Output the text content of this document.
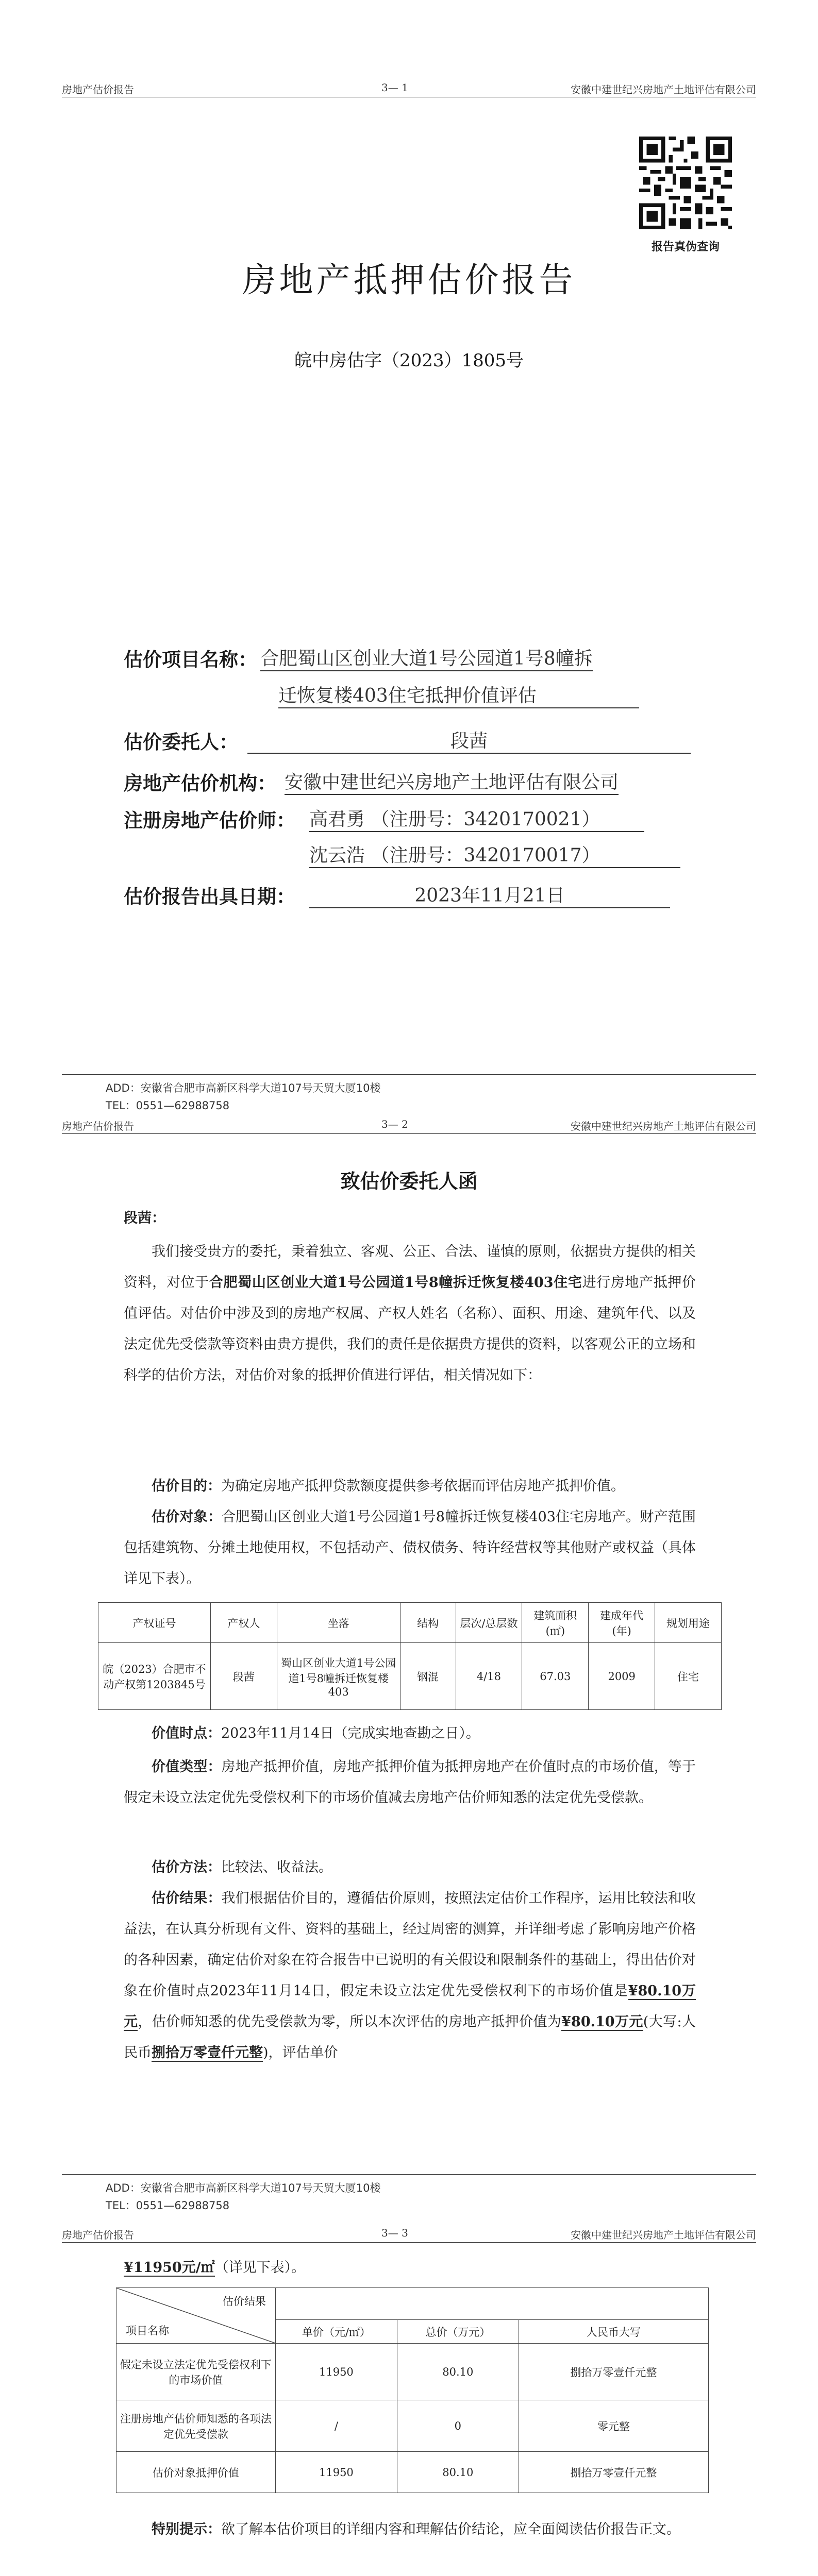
房地产估价报告	3— 1	安徽中建世纪兴房地产土地评估有限公司
报告真伪查询
房地产抵押估价报告
皖中房估字（2023）1805号
估价项目名称： 合肥蜀山区创业大道1号公园道1号8幢拆
迁恢复楼403住宅抵押价值评估
估价委托人：	段茜
房地产估价机构： 安徽中建世纪兴房地产土地评估有限公司
注册房地产估价师： 高君勇 （注册号：3420170021）
沈云浩 （注册号：3420170017）
估价报告出具日期：	2023年11月21日
ADD：安徽省合肥市高新区科学大道107号天贸大厦10楼
TEL：0551—62988758
房地产估价报告	3— 2	安徽中建世纪兴房地产土地评估有限公司
致估价委托人函
段茜：
我们接受贵方的委托，秉着独立、客观、公正、合法、谨慎的原则，依据贵方提供的相关资料，对位于合肥蜀山区创业大道1号公园道1号8幢拆迁恢复楼403住宅进行房地产抵押价值评估。对估价中涉及到的房地产权属、产权人姓名（名称）、面积、用途、建筑年代、以及法定优先受偿款等资料由贵方提供，我们的责任是依据贵方提供的资料，以客观公正的立场和科学的估价方法，对估价对象的抵押价值进行评估，相关情况如下：
估价目的：为确定房地产抵押贷款额度提供参考依据而评估房地产抵押价值。
估价对象：合肥蜀山区创业大道1号公园道1号8幢拆迁恢复楼403住宅房地产。财产范围包括建筑物、分摊土地使用权，不包括动产、债权债务、特许经营权等其他财产或权益（具体详见下表）。
产权证号	产权人	坐落	结构	层次/总层数	建筑面积(㎡)	建成年代(年)	规划用途
皖（2023）合肥市不动产权第1203845号	段茜	蜀山区创业大道1号公园道1号8幢拆迁恢复楼403	钢混	4/18	67.03	2009	住宅
价值时点：2023年11月14日（完成实地查勘之日）。
价值类型：房地产抵押价值，房地产抵押价值为抵押房地产在价值时点的市场价值，等于假定未设立法定优先受偿权利下的市场价值减去房地产估价师知悉的法定优先受偿款。
估价方法：比较法、收益法。
估价结果：我们根据估价目的，遵循估价原则，按照法定估价工作程序，运用比较法和收益法，在认真分析现有文件、资料的基础上，经过周密的测算，并详细考虑了影响房地产价格的各种因素，确定估价对象在符合报告中已说明的有关假设和限制条件的基础上，得出估价对象在价值时点2023年11月14日，假定未设立法定优先受偿权利下的市场价值是¥80.10万元，估价师知悉的优先受偿款为零，所以本次评估的房地产抵押价值为¥80.10万元(大写:人民币捌拾万零壹仟元整)，评估单价
ADD：安徽省合肥市高新区科学大道107号天贸大厦10楼
TEL：0551—62988758
房地产估价报告	3— 3	安徽中建世纪兴房地产土地评估有限公司
¥11950元/㎡（详见下表）。
估价结果
项目名称			

	单价（元/㎡）	总价（万元）	人民币大写
假定未设立法定优先受偿权利下的市场价值	11950	80.10	捌拾万零壹仟元整
注册房地产估价师知悉的各项法定优先受偿款	/	0	零元整
估价对象抵押价值	11950	80.10	捌拾万零壹仟元整
特别提示：欲了解本估价项目的详细内容和理解估价结论，应全面阅读估价报告正文。
